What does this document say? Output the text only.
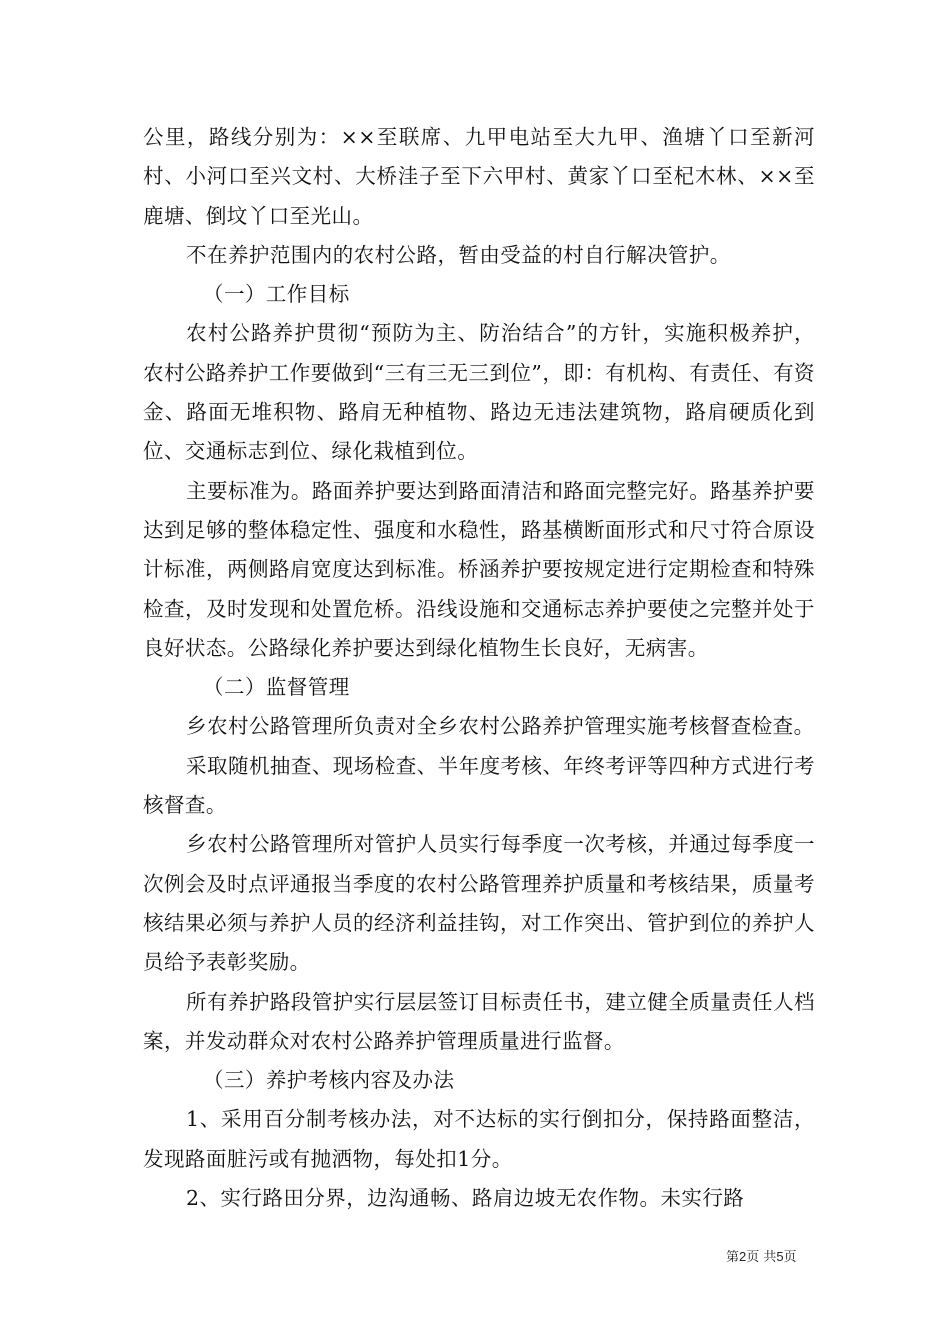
公里，路线分别为：××至联席、九甲电站至大九甲、渔塘丫口至新河村、小河口至兴文村、大桥洼子至下六甲村、黄家丫口至杞木林、××至鹿塘、倒坟丫口至光山。

不在养护范围内的农村公路，暂由受益的村自行解决管护。

（一）工作目标

农村公路养护贯彻“预防为主、防治结合”的方针，实施积极养护，农村公路养护工作要做到“三有三无三到位”，即：有机构、有责任、有资金、路面无堆积物、路肩无种植物、路边无违法建筑物，路肩硬质化到位、交通标志到位、绿化栽植到位。

主要标准为。路面养护要达到路面清洁和路面完整完好。路基养护要达到足够的整体稳定性、强度和水稳性，路基横断面形式和尺寸符合原设计标准，两侧路肩宽度达到标准。桥涵养护要按规定进行定期检查和特殊检查，及时发现和处置危桥。沿线设施和交通标志养护要使之完整并处于良好状态。公路绿化养护要达到绿化植物生长良好，无病害。

（二）监督管理

乡农村公路管理所负责对全乡农村公路养护管理实施考核督查检查。

采取随机抽查、现场检查、半年度考核、年终考评等四种方式进行考核督查。

乡农村公路管理所对管护人员实行每季度一次考核，并通过每季度一次例会及时点评通报当季度的农村公路管理养护质量和考核结果，质量考核结果必须与养护人员的经济利益挂钩，对工作突出、管护到位的养护人员给予表彰奖励。

所有养护路段管护实行层层签订目标责任书，建立健全质量责任人档案，并发动群众对农村公路养护管理质量进行监督。

（三）养护考核内容及办法

1、采用百分制考核办法，对不达标的实行倒扣分，保持路面整洁，发现路面脏污或有抛洒物，每处扣1分。

2、实行路田分界，边沟通畅、路肩边坡无农作物。未实行路

第2页 共5页
